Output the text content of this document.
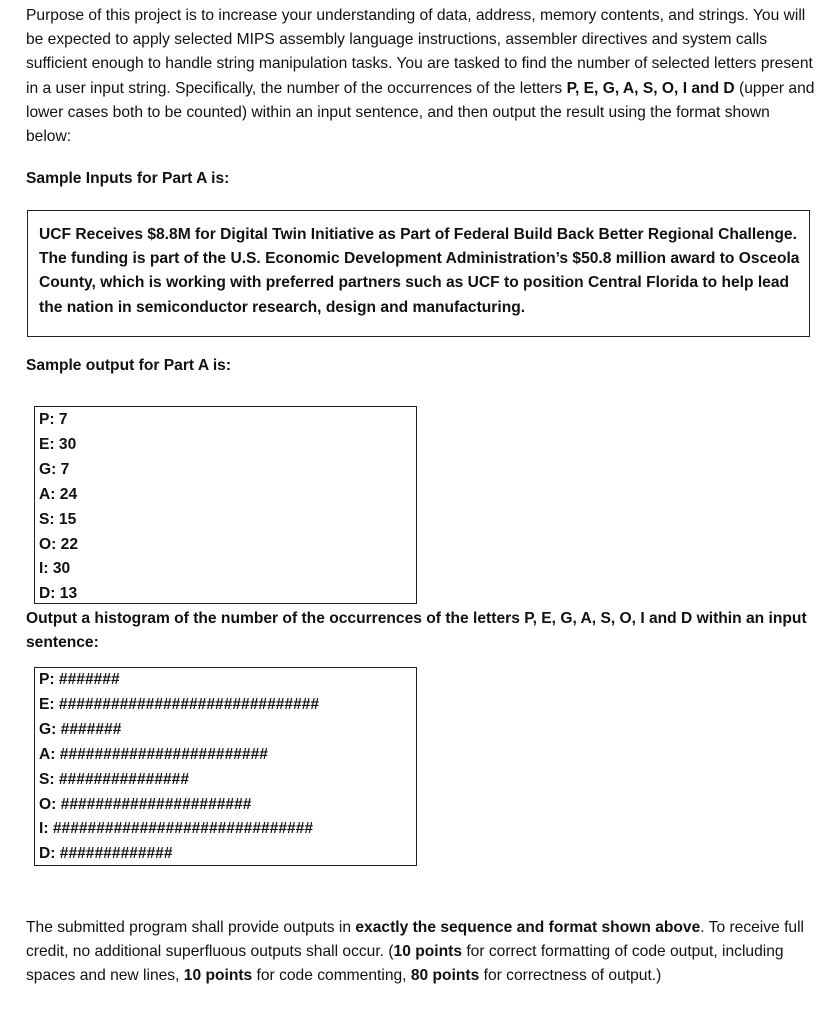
Purpose of this project is to increase your understanding of data, address, memory contents, and strings. You will be expected to apply selected MIPS assembly language instructions, assembler directives and system calls sufficient enough to handle string manipulation tasks. You are tasked to find the number of selected letters present in a user input string. Specifically, the number of the occurrences of the letters P, E, G, A, S, O, I and D (upper and lower cases both to be counted) within an input sentence, and then output the result using the format shown below:

Sample Inputs for Part A is:

UCF Receives $8.8M for Digital Twin Initiative as Part of Federal Build Back Better Regional Challenge. The funding is part of the U.S. Economic Development Administration’s $50.8 million award to Osceola County, which is working with preferred partners such as UCF to position Central Florida to help lead the nation in semiconductor research, design and manufacturing.

Sample output for Part A is:

P: 7

E: 30

G: 7

A: 24

S: 15

O: 22

I: 30

D: 13

Output a histogram of the number of the occurrences of the letters P, E, G, A, S, O, I and D within an input sentence:

P: #######

E: ##############################

G: #######

A: ########################

S: ###############

O: ######################

I: ##############################

D: #############

The submitted program shall provide outputs in exactly the sequence and format shown above. To receive full credit, no additional superfluous outputs shall occur. (10 points for correct formatting of code output, including spaces and new lines, 10 points for code commenting, 80 points for correctness of output.)
